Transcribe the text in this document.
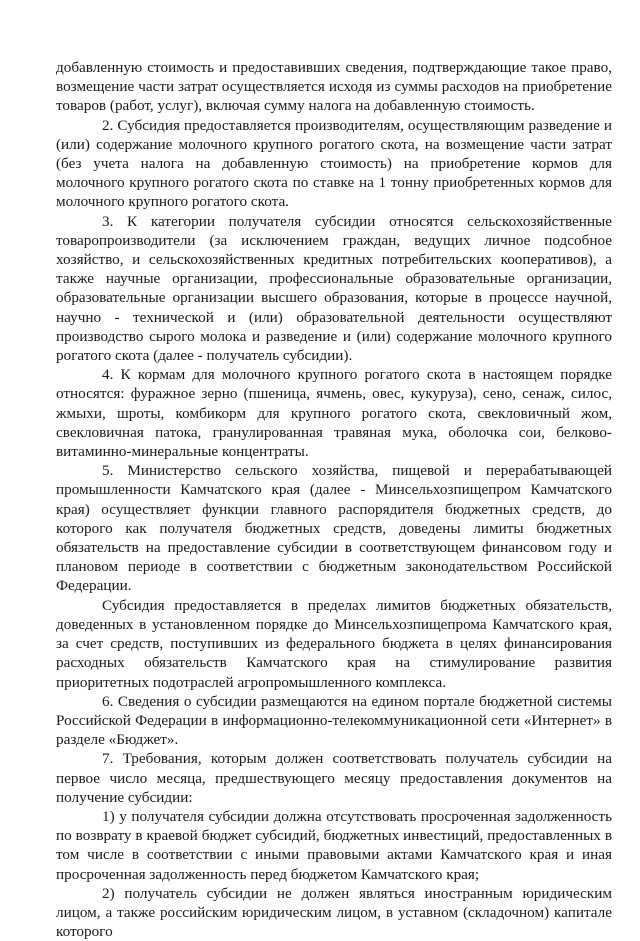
добавленную стоимость и предоставивших сведения, подтверждающие такое право, возмещение части затрат осуществляется исходя из суммы расходов на приобретение товаров (работ, услуг), включая сумму налога на добавленную стоимость.

2. Субсидия предоставляется производителям, осуществляющим разведение и (или) содержание молочного крупного рогатого скота, на возмещение части затрат (без учета налога на добавленную стоимость) на приобретение кормов для молочного крупного рогатого скота по ставке на 1 тонну приобретенных кормов для молочного крупного рогатого скота.

3. К категории получателя субсидии относятся сельскохозяйственные товаропроизводители (за исключением граждан, ведущих личное подсобное хозяйство, и сельскохозяйственных кредитных потребительских кооперативов), а также научные организации, профессиональные образовательные организации, образовательные организации высшего образования, которые в процессе научной, научно - технической и (или) образовательной деятельности осуществляют производство сырого молока и разведение и (или) содержание молочного крупного рогатого скота (далее - получатель субсидии).

4. К кормам для молочного крупного рогатого скота в настоящем порядке относятся: фуражное зерно (пшеница, ячмень, овес, кукуруза), сено, сенаж, силос, жмыхи, шроты, комбикорм для крупного рогатого скота, свекловичный жом, свекловичная патока, гранулированная травяная мука, оболочка сои, белково-витаминно-минеральные концентраты.

5. Министерство сельского хозяйства, пищевой и перерабатывающей промышленности Камчатского края (далее - Минсельхозпищепром Камчатского края) осуществляет функции главного распорядителя бюджетных средств, до которого как получателя бюджетных средств, доведены лимиты бюджетных обязательств на предоставление субсидии в соответствующем финансовом году и плановом периоде в соответствии с бюджетным законодательством Российской Федерации.

Субсидия предоставляется в пределах лимитов бюджетных обязательств, доведенных в установленном порядке до Минсельхозпищепрома Камчатского края, за счет средств, поступивших из федерального бюджета в целях финансирования расходных обязательств Камчатского края на стимулирование развития приоритетных подотраслей агропромышленного комплекса.

6. Сведения о субсидии размещаются на едином портале бюджетной системы Российской Федерации в информационно-телекоммуникационной сети «Интернет» в разделе «Бюджет».

7. Требования, которым должен соответствовать получатель субсидии на первое число месяца, предшествующего месяцу предоставления документов на получение субсидии:

1) у получателя субсидии должна отсутствовать просроченная задолженность по возврату в краевой бюджет субсидий, бюджетных инвестиций, предоставленных в том числе в соответствии с иными правовыми актами Камчатского края и иная просроченная задолженность перед бюджетом Камчатского края;

2) получатель субсидии не должен являться иностранным юридическим лицом, а также российским юридическим лицом, в уставном (складочном) капитале которого
